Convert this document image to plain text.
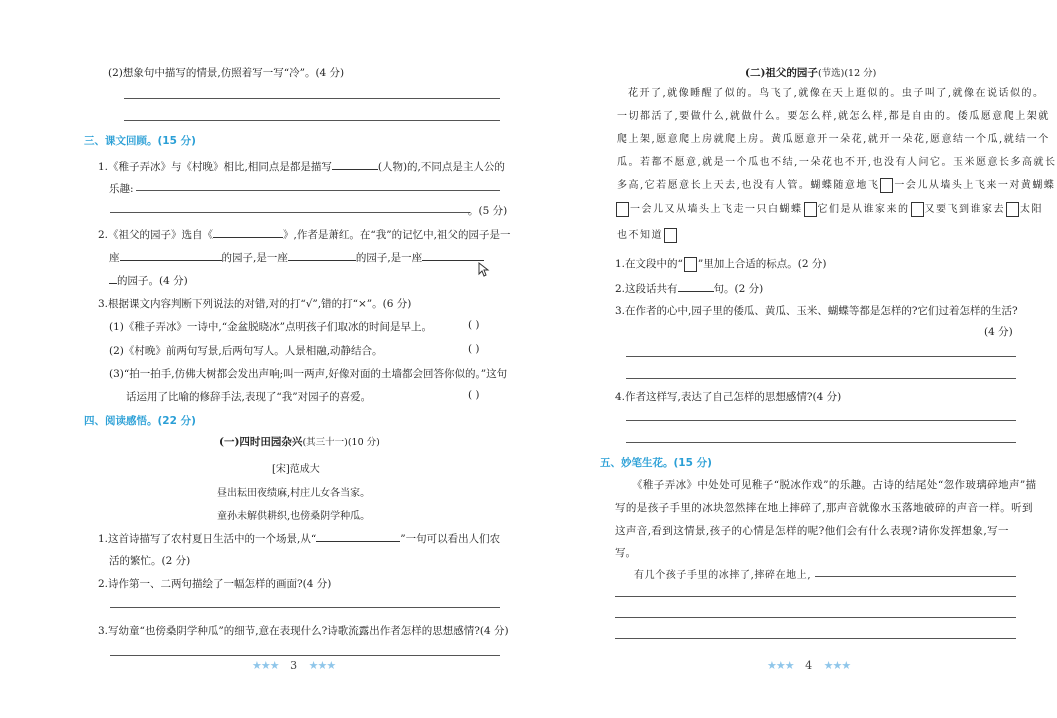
(2)想象句中描写的情景,仿照着写一写“冷”。(4 分)
三、课文回顾。(15 分)
1.《稚子弄冰》与《村晚》相比,相同点是都是描写	(人物)的,不同点是主人公的
乐趣:
。(5 分)
2.《祖父的园子》选自《	》,作者是萧红。在“我”的记忆中,祖父的园子是一
座	的园子,是一座	的园子,是一座
的园子。(4 分)
3.根据课文内容判断下列说法的对错,对的打“√”,错的打“×”。(6 分)
(1)《稚子弄冰》一诗中,“金盆脱晓冰”点明孩子们取冰的时间是早上。	( )
(2)《村晚》前两句写景,后两句写人。人景相融,动静结合。	( )
(3)“拍一拍手,仿佛大树都会发出声响;叫一两声,好像对面的土墙都会回答你似的。”这句
话运用了比喻的修辞手法,表现了“我”对园子的喜爱。	( )
四、阅读感悟。(22 分)
(一)四时田园杂兴(其三十一)(10 分)
[宋]范成大
昼出耘田夜绩麻,村庄儿女各当家。
童孙未解供耕织,也傍桑阴学种瓜。
1.这首诗描写了农村夏日生活中的一个场景,从“	”一句可以看出人们农
活的繁忙。(2 分)
2.诗作第一、二两句描绘了一幅怎样的画面?(4 分)
3.写幼童“也傍桑阴学种瓜”的细节,意在表现什么?诗歌流露出作者怎样的思想感情?(4 分)
★★★ 3 ★★★
(二)祖父的园子(节选)(12 分)
花开了,就像睡醒了似的。鸟飞了,就像在天上逛似的。虫子叫了,就像在说话似的。
一切都活了,要做什么,就做什么。要怎么样,就怎么样,都是自由的。倭瓜愿意爬上架就
爬上架,愿意爬上房就爬上房。黄瓜愿意开一朵花,就开一朵花,愿意结一个瓜,就结一个
瓜。若都不愿意,就是一个瓜也不结,一朵花也不开,也没有人问它。玉米愿意长多高就长
多高,它若愿意长上天去,也没有人管。蝴蝶随意地飞 一会儿从墙头上飞来一对黄蝴蝶
一会儿又从墙头上飞走一只白蝴蝶 它们是从谁家来的 又要飞到谁家去 太阳
也不知道
1.在文段中的“ ”里加上合适的标点。(2 分)
2.这段话共有	句。(2 分)
3.在作者的心中,园子里的倭瓜、黄瓜、玉米、蝴蝶等都是怎样的?它们过着怎样的生活?
(4 分)
4.作者这样写,表达了自己怎样的思想感情?(4 分)
五、妙笔生花。(15 分)
《稚子弄冰》中处处可见稚子“脱冰作戏”的乐趣。古诗的结尾处“忽作玻璃碎地声”描
写的是孩子手里的冰块忽然摔在地上摔碎了,那声音就像水玉落地破碎的声音一样。听到
这声音,看到这情景,孩子的心情是怎样的呢?他们会有什么表现?请你发挥想象,写一
写。
有几个孩子手里的冰摔了,摔碎在地上,
★★★ 4 ★★★
